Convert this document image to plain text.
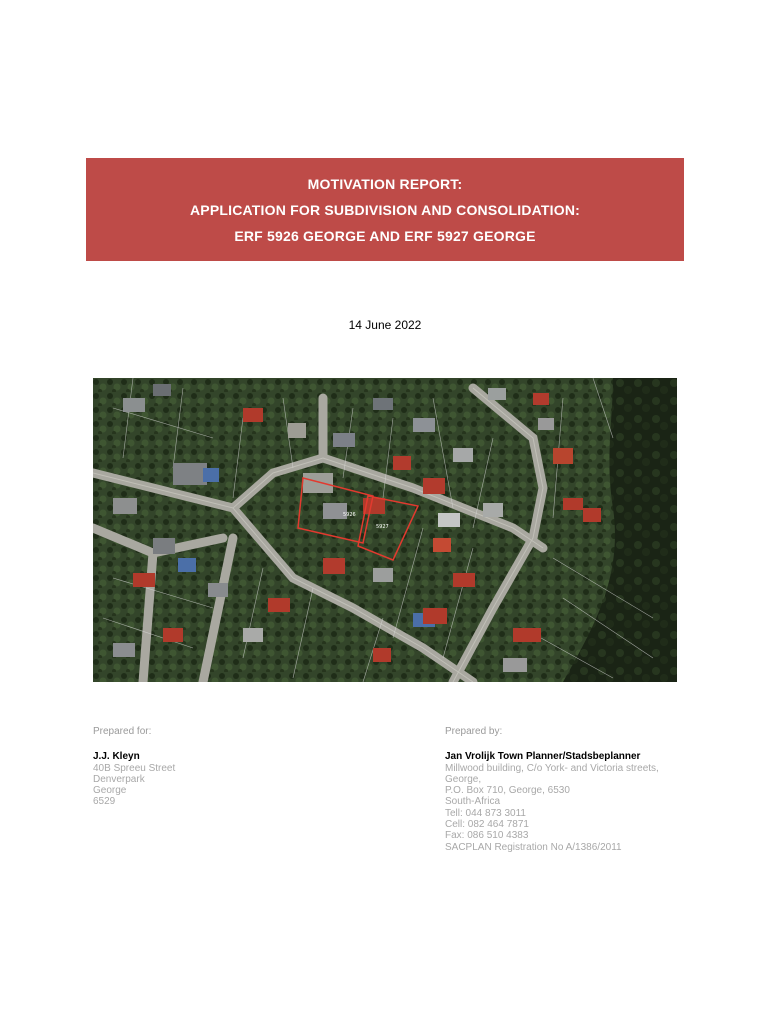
MOTIVATION REPORT:
APPLICATION FOR SUBDIVISION AND CONSOLIDATION:
ERF 5926 GEORGE AND ERF 5927 GEORGE
14 June 2022
5926
5927
Prepared for:
J.J. Kleyn
40B Spreeu Street
Denverpark
George
6529
Prepared by:
Jan Vrolijk Town Planner/Stadsbeplanner
Millwood building, C/o York- and Victoria streets,
George,
P.O. Box 710, George, 6530
South-Africa
Tell: 044 873 3011
Cell: 082 464 7871
Fax: 086 510 4383
SACPLAN Registration No A/1386/2011
